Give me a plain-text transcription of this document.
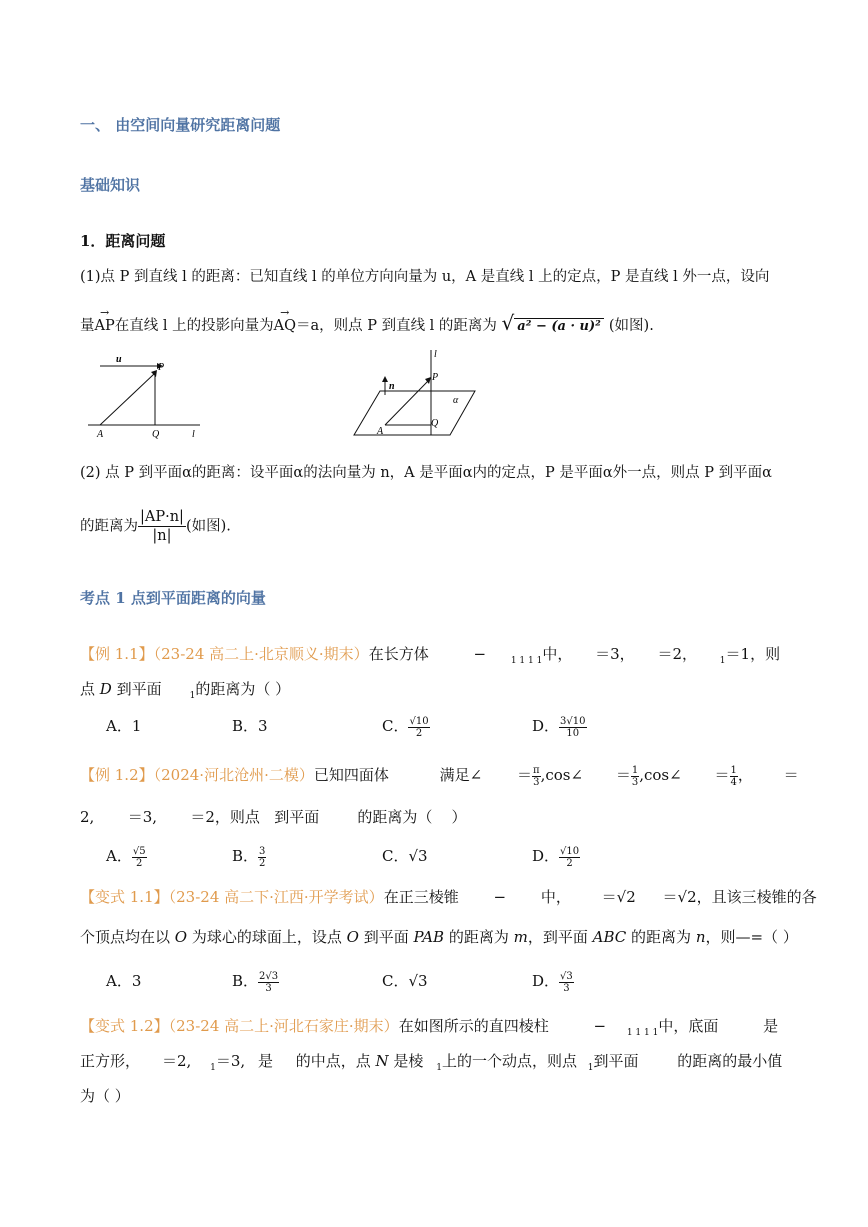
一、 由空间向量研究距离问题
基础知识
1．距离问题
(1)点 P 到直线 l 的距离：已知直线 l 的单位方向向量为 u，A 是直线 l 上的定点，P 是直线 l 外一点，设向
量→ AP在直线 l 上的投影向量为→ AQ＝a，则点 P 到直线 l 的距离为 √ a² − (a · u)² (如图).
u
P
A	Q	l
l
n
P
α
A
Q
(2) 点 P 到平面α的距离：设平面α的法向量为 n，A 是平面α内的定点，P 是平面α外一点，则点 P 到平面α
的距离为 $\frac{|AP\cdot n|}{|n|}$ (如图).
考点 1 点到平面距离的向量
【例 1.1】（23-24 高二上·北京顺义·期末）在长方体	−	$_{1 1 1 1}$中， ＝3， ＝2，	$_1$＝1，则
点 D 到平面	$_1$的距离为（ ）
A．1	B．3	C． $\frac{√10}{2}$	D． $\frac{3√10}{10}$
【例 1.2】（2024·河北沧州·二模）已知四面体	满足∠ ＝ $\frac{\pi}{3}$ ,cos∠ ＝ $\frac{1}{3}$ ,cos∠ ＝ $\frac{1}{4}$ ， ＝
2,       ＝3,       ＝2，则点   到平面        的距离为（    ）
A． $\frac{√5}{2}$	B． $\frac{3}{2}$	C．√3	D． $\frac{√10}{2}$
【变式 1.1】（23-24 高二下·江西·开学考试）在正三棱锥 − 中， ＝√2 ＝√2，且该三棱锥的各
个顶点均在以 O 为球心的球面上，设点 O 到平面 PAB 的距离为 m，到平面 ABC 的距离为 n，则—=（ ）
A．3	B． $\frac{2√3}{3}$	C．√3	D． $\frac{√3}{3}$
【变式 1.2】（23-24 高二上·河北石家庄·期末）在如图所示的直四棱柱	− $_{1 1 1 1}$中，底面	是
正方形， ＝2, $_1$＝3, 是 的中点，点 N 是棱 $_1$上的一个动点，则点 $_1$到平面	的距离的最小值
为（ ）
